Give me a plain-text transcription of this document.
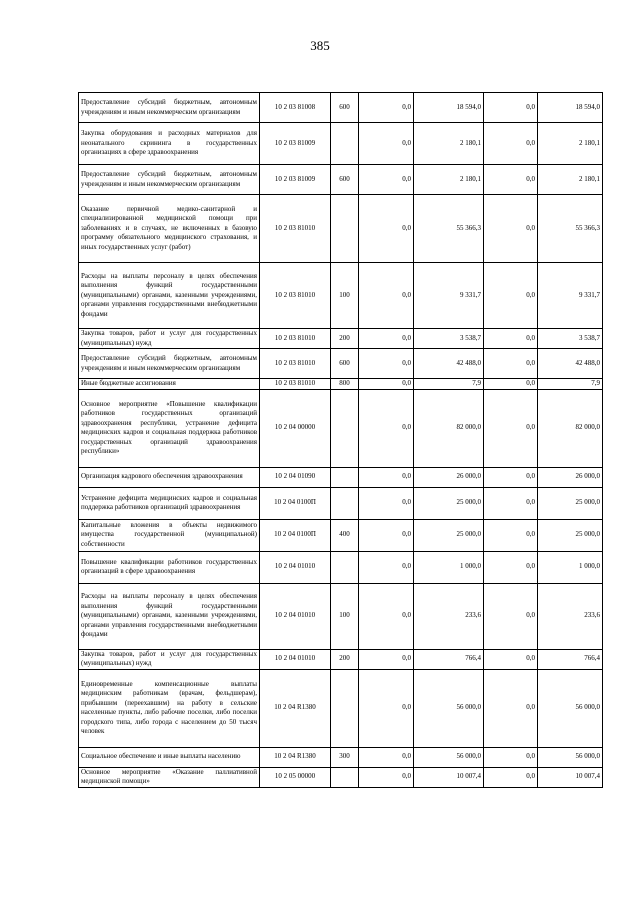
385
Предоставление субсидий бюджетным, автономным учреждениям и иным некоммерческим организациям	10 2 03 81008	600	0,0	18 594,0	0,0	18 594,0
Закупка оборудования и расходных материалов для неонатального скрининга в государственных организациях в сфере здравоохранения	10 2 03 81009		0,0	2 180,1	0,0	2 180,1
Предоставление субсидий бюджетным, автономным учреждениям и иным некоммерческим организациям	10 2 03 81009	600	0,0	2 180,1	0,0	2 180,1
Оказание первичной медико-санитарной и специализированной медицинской помощи при заболеваниях и в случаях, не включенных в базовую программу обязательного медицинского страхования, и иных государственных услуг (работ)	10 2 03 81010		0,0	55 366,3	0,0	55 366,3
Расходы на выплаты персоналу в целях обеспечения выполнения функций государственными (муниципальными) органами, казенными учреждениями, органами управления государственными внебюджетными фондами	10 2 03 81010	100	0,0	9 331,7	0,0	9 331,7
Закупка товаров, работ и услуг для государственных (муниципальных) нужд	10 2 03 81010	200	0,0	3 538,7	0,0	3 538,7
Предоставление субсидий бюджетным, автономным учреждениям и иным некоммерческим организациям	10 2 03 81010	600	0,0	42 488,0	0,0	42 488,0
Иные бюджетные ассигнования	10 2 03 81010	800	0,0	7,9	0,0	7,9
Основное мероприятие «Повышение квалификации работников государственных организаций здравоохранения республики, устранение дефицита медицинских кадров и социальная поддержка работников государственных организаций здравоохранения республики»	10 2 04 00000		0,0	82 000,0	0,0	82 000,0
Организация кадрового обеспечения здравоохранения	10 2 04 01090		0,0	26 000,0	0,0	26 000,0
Устранение дефицита медицинских кадров и социальная поддержка работников организаций здравоохранения	10 2 04 0100П		0,0	25 000,0	0,0	25 000,0
Капитальные вложения в объекты недвижимого имущества государственной (муниципальной) собственности	10 2 04 0100П	400	0,0	25 000,0	0,0	25 000,0
Повышение квалификации работников государственных организаций в сфере здравоохранения	10 2 04 01010		0,0	1 000,0	0,0	1 000,0
Расходы на выплаты персоналу в целях обеспечения выполнения функций государственными (муниципальными) органами, казенными учреждениями, органами управления государственными внебюджетными фондами	10 2 04 01010	100	0,0	233,6	0,0	233,6
Закупка товаров, работ и услуг для государственных (муниципальных) нужд	10 2 04 01010	200	0,0	766,4	0,0	766,4
Единовременные компенсационные выплаты медицинским работникам (врачам, фельдшерам), прибывшим (переехавшим) на работу в сельские населенные пункты, либо рабочие поселки, либо поселки городского типа, либо города с населением до 50 тысяч человек	10 2 04 R1380		0,0	56 000,0	0,0	56 000,0
Социальное обеспечение и иные выплаты населению	10 2 04 R1380	300	0,0	56 000,0	0,0	56 000,0
Основное мероприятие «Оказание паллиативной медицинской помощи»	10 2 05 00000		0,0	10 007,4	0,0	10 007,4
